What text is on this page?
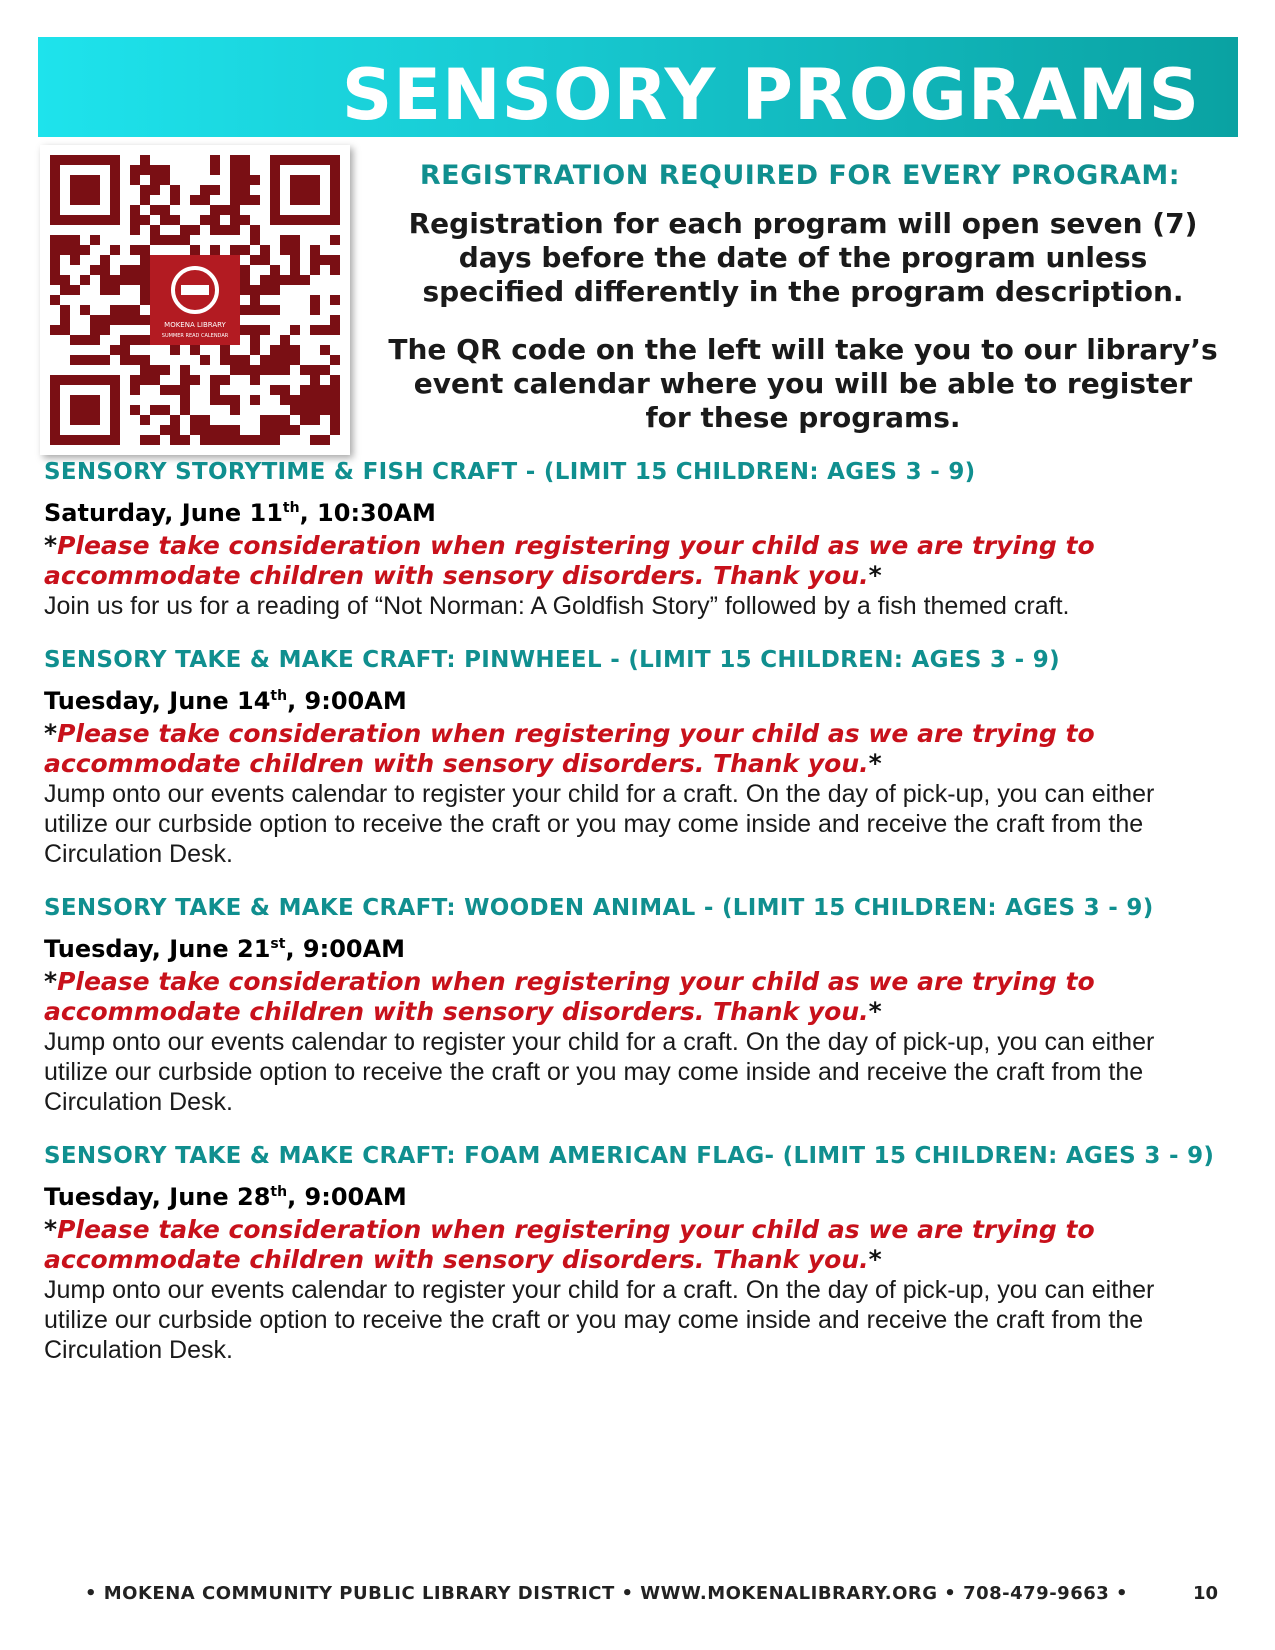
SENSORY PROGRAMS
MOKENA LIBRARY
SUMMER READ CALENDAR
REGISTRATION REQUIRED FOR EVERY PROGRAM:

Registration for each program will open seven (7) days before the date of the program unless specified differently in the program description.

The QR code on the left will take you to our library’s event calendar where you will be able to register for these programs.

SENSORY STORYTIME & FISH CRAFT - (LIMIT 15 CHILDREN: AGES 3 - 9)

Saturday, June 11th, 10:30AM

*Please take consideration when registering your child as we are trying to accommodate children with sensory disorders. Thank you.*

Join us for us for a reading of “Not Norman: A Goldfish Story” followed by a fish themed craft.

SENSORY TAKE & MAKE CRAFT: PINWHEEL - (LIMIT 15 CHILDREN: AGES 3 - 9)

Tuesday, June 14th, 9:00AM

*Please take consideration when registering your child as we are trying to accommodate children with sensory disorders. Thank you.*

Jump onto our events calendar to register your child for a craft. On the day of pick-up, you can either utilize our curbside option to receive the craft or you may come inside and receive the craft from the Circulation Desk.

SENSORY TAKE & MAKE CRAFT: WOODEN ANIMAL - (LIMIT 15 CHILDREN: AGES 3 - 9)

Tuesday, June 21st, 9:00AM

*Please take consideration when registering your child as we are trying to accommodate children with sensory disorders. Thank you.*

Jump onto our events calendar to register your child for a craft. On the day of pick-up, you can either utilize our curbside option to receive the craft or you may come inside and receive the craft from the Circulation Desk.

SENSORY TAKE & MAKE CRAFT: FOAM AMERICAN FLAG- (LIMIT 15 CHILDREN: AGES 3 - 9)

Tuesday, June 28th, 9:00AM

*Please take consideration when registering your child as we are trying to accommodate children with sensory disorders. Thank you.*

Jump onto our events calendar to register your child for a craft. On the day of pick-up, you can either utilize our curbside option to receive the craft or you may come inside and receive the craft from the Circulation Desk.

• MOKENA COMMUNITY PUBLIC LIBRARY DISTRICT • WWW.MOKENALIBRARY.ORG • 708-479-9663 •	10
